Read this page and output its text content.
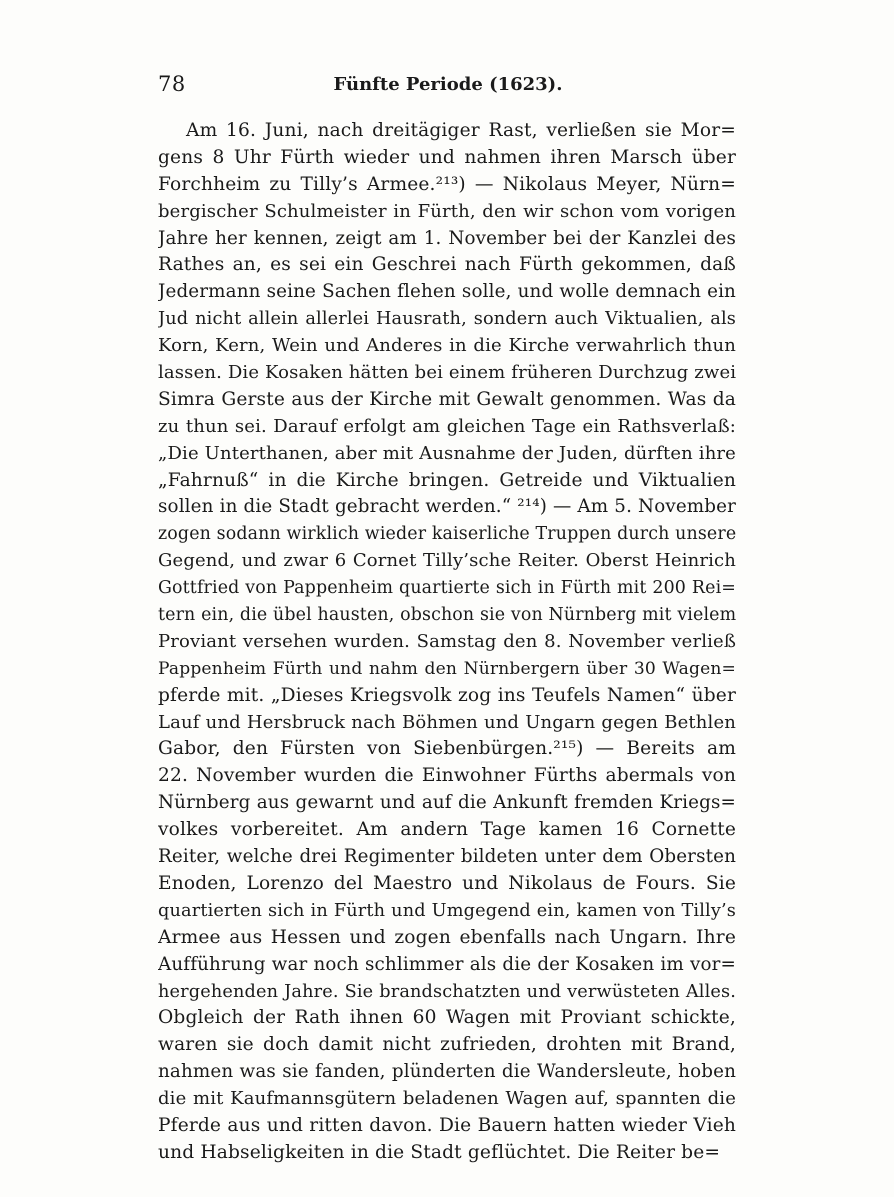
78	Fünfte Periode (1623).
Am 16. Juni, nach dreitägiger Rast, verließen sie Mor=
gens 8 Uhr Fürth wieder und nahmen ihren Marsch über
Forchheim zu Tilly’s Armee.²¹³) — Nikolaus Meyer, Nürn=
bergischer Schulmeister in Fürth, den wir schon vom vorigen
Jahre her kennen, zeigt am 1. November bei der Kanzlei des
Rathes an, es sei ein Geschrei nach Fürth gekommen, daß
Jedermann seine Sachen flehen solle, und wolle demnach ein
Jud nicht allein allerlei Hausrath, sondern auch Viktualien, als
Korn, Kern, Wein und Anderes in die Kirche verwahrlich thun
lassen. Die Kosaken hätten bei einem früheren Durchzug zwei
Simra Gerste aus der Kirche mit Gewalt genommen. Was da
zu thun sei. Darauf erfolgt am gleichen Tage ein Rathsverlaß:
„Die Unterthanen, aber mit Ausnahme der Juden, dürften ihre
„Fahrnuß“ in die Kirche bringen. Getreide und Viktualien
sollen in die Stadt gebracht werden.“ ²¹⁴) — Am 5. November
zogen sodann wirklich wieder kaiserliche Truppen durch unsere
Gegend, und zwar 6 Cornet Tilly’sche Reiter. Oberst Heinrich
Gottfried von Pappenheim quartierte sich in Fürth mit 200 Rei=
tern ein, die übel hausten, obschon sie von Nürnberg mit vielem
Proviant versehen wurden. Samstag den 8. November verließ
Pappenheim Fürth und nahm den Nürnbergern über 30 Wagen=
pferde mit. „Dieses Kriegsvolk zog ins Teufels Namen“ über
Lauf und Hersbruck nach Böhmen und Ungarn gegen Bethlen
Gabor, den Fürsten von Siebenbürgen.²¹⁵) — Bereits am
22. November wurden die Einwohner Fürths abermals von
Nürnberg aus gewarnt und auf die Ankunft fremden Kriegs=
volkes vorbereitet. Am andern Tage kamen 16 Cornette
Reiter, welche drei Regimenter bildeten unter dem Obersten
Enoden, Lorenzo del Maestro und Nikolaus de Fours. Sie
quartierten sich in Fürth und Umgegend ein, kamen von Tilly’s
Armee aus Hessen und zogen ebenfalls nach Ungarn. Ihre
Aufführung war noch schlimmer als die der Kosaken im vor=
hergehenden Jahre. Sie brandschatzten und verwüsteten Alles.
Obgleich der Rath ihnen 60 Wagen mit Proviant schickte,
waren sie doch damit nicht zufrieden, drohten mit Brand,
nahmen was sie fanden, plünderten die Wandersleute, hoben
die mit Kaufmannsgütern beladenen Wagen auf, spannten die
Pferde aus und ritten davon. Die Bauern hatten wieder Vieh
und Habseligkeiten in die Stadt geflüchtet. Die Reiter be=
